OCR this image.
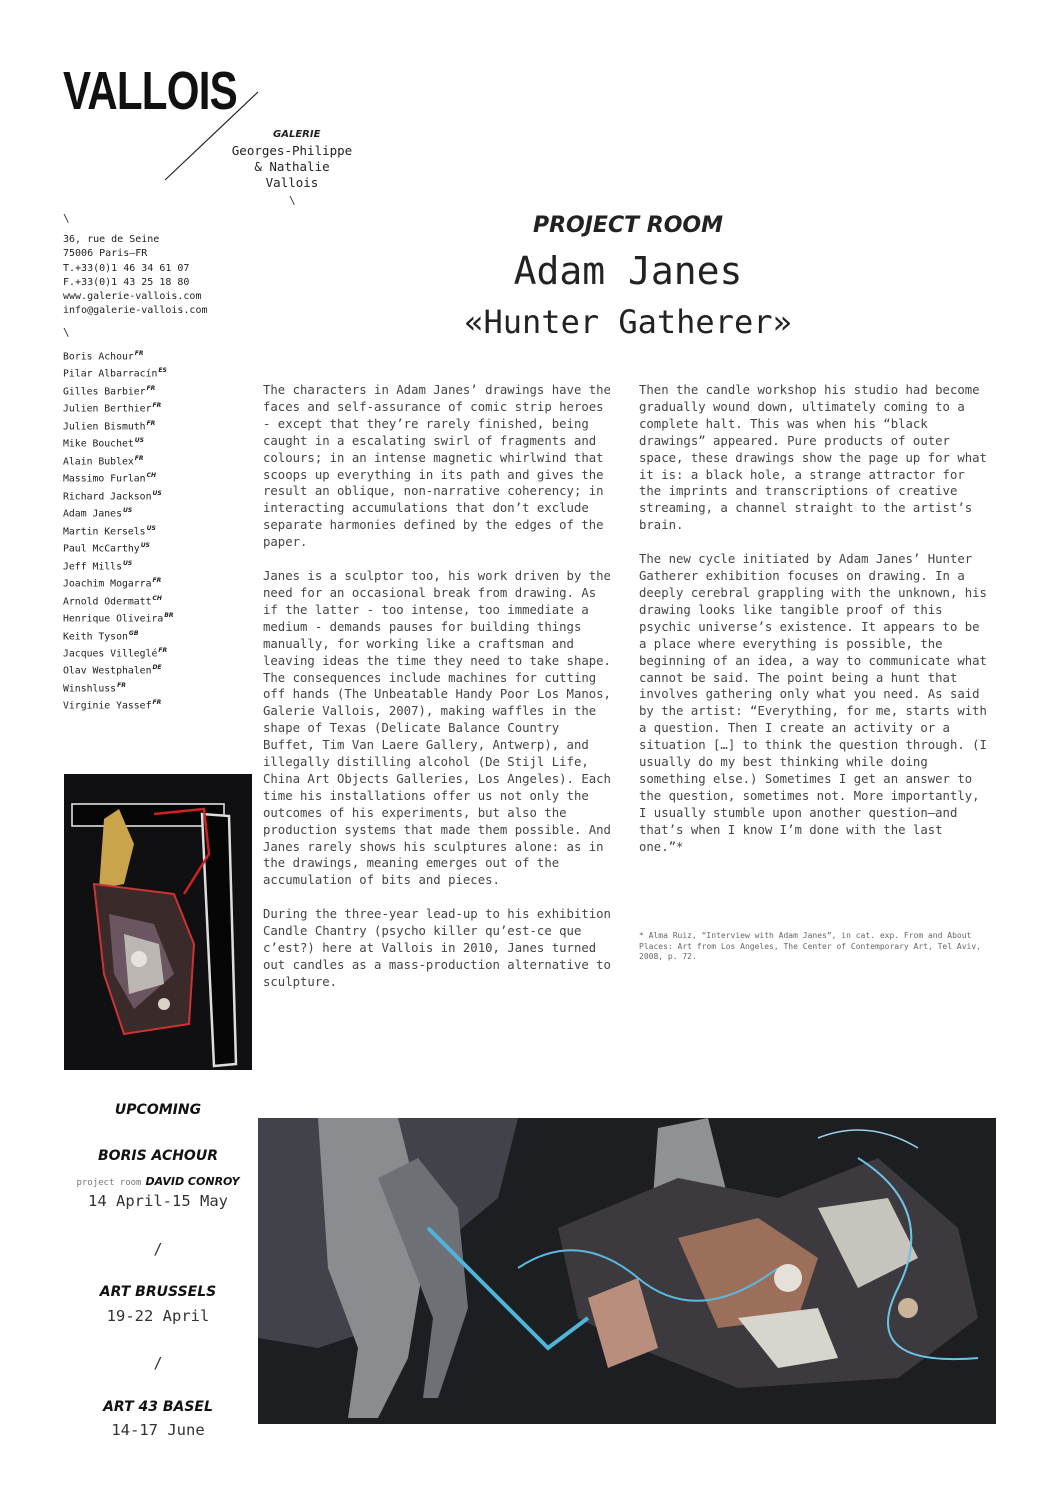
VALLOIS
GALERIE
Georges-Philippe
& Nathalie
Vallois
\
\
36, rue de Seine
75006 Paris—FR
T.+33(0)1 46 34 61 07
F.+33(0)1 43 25 18 80
www.galerie-vallois.com
info@galerie-vallois.com
\
Boris Achour$^{FR}$
Pilar Albarracín$^{ES}$
Gilles Barbier$^{FR}$
Julien Berthier$^{FR}$
Julien Bismuth$^{FR}$
Mike Bouchet$^{US}$
Alain Bublex$^{FR}$
Massimo Furlan$^{CH}$
Richard Jackson$^{US}$
Adam Janes$^{US}$
Martin Kersels$^{US}$
Paul McCarthy$^{US}$
Jeff Mills$^{US}$
Joachim Mogarra$^{FR}$
Arnold Odermatt$^{CH}$
Henrique Oliveira$^{BR}$
Keith Tyson$^{GB}$
Jacques Villeglé$^{FR}$
Olav Westphalen$^{DE}$
Winshluss$^{FR}$
Virginie Yassef$^{FR}$
PROJECT ROOM
Adam Janes
«Hunter Gatherer»

The characters in Adam Janes’ drawings have the faces and self-assurance of comic strip heroes - except that they’re rarely finished, being caught in a escalating swirl of fragments and colours; in an intense magnetic whirlwind that scoops up everything in its path and gives the result an oblique, non-narrative coherency; in interacting accumulations that don’t exclude separate harmonies defined by the edges of the paper.

Janes is a sculptor too, his work driven by the need for an occasional break from drawing. As if the latter - too intense, too immediate a medium - demands pauses for building things manually, for working like a craftsman and leaving ideas the time they need to take shape. The consequences include machines for cutting off hands (The Unbeatable Handy Poor Los Manos, Galerie Vallois, 2007), making waffles in the shape of Texas (Delicate Balance Country Buffet, Tim Van Laere Gallery, Antwerp), and illegally distilling alcohol (De Stijl Life, China Art Objects Galleries, Los Angeles). Each time his installations offer us not only the outcomes of his experiments, but also the production systems that made them possible. And Janes rarely shows his sculptures alone: as in the drawings, meaning emerges out of the accumulation of bits and pieces.

During the three-year lead-up to his exhibition Candle Chantry (psycho killer qu’est-ce que c’est?) here at Vallois in 2010, Janes turned out candles as a mass-production alternative to sculpture.

Then the candle workshop his studio had become gradually wound down, ultimately coming to a complete halt. This was when his “black drawings” appeared. Pure products of outer space, these drawings show the page up for what it is: a black hole, a strange attractor for the imprints and transcriptions of creative streaming, a channel straight to the artist’s brain.

The new cycle initiated by Adam Janes’ Hunter Gatherer exhibition focuses on drawing. In a deeply cerebral grappling with the unknown, his drawing looks like tangible proof of this psychic universe’s existence. It appears to be a place where everything is possible, the beginning of an idea, a way to communicate what cannot be said. The point being a hunt that involves gathering only what you need. As said by the artist: “Everything, for me, starts with a question. Then I create an activity or a situation […] to think the question through. (I usually do my best thinking while doing something else.) Sometimes I get an answer to the question, sometimes not. More importantly, I usually stumble upon another question–and that’s when I know I’m done with the last one.”*

* Alma Ruiz, “Interview with Adam Janes”, in cat. exp. From and About Places: Art from Los Angeles, The Center of Contemporary Art, Tel Aviv, 2008, p. 72.
UPCOMING
BORIS ACHOUR
project room DAVID CONROY
14 April-15 May
/
ART BRUSSELS
19-22 April
/
ART 43 BASEL
14-17 June
